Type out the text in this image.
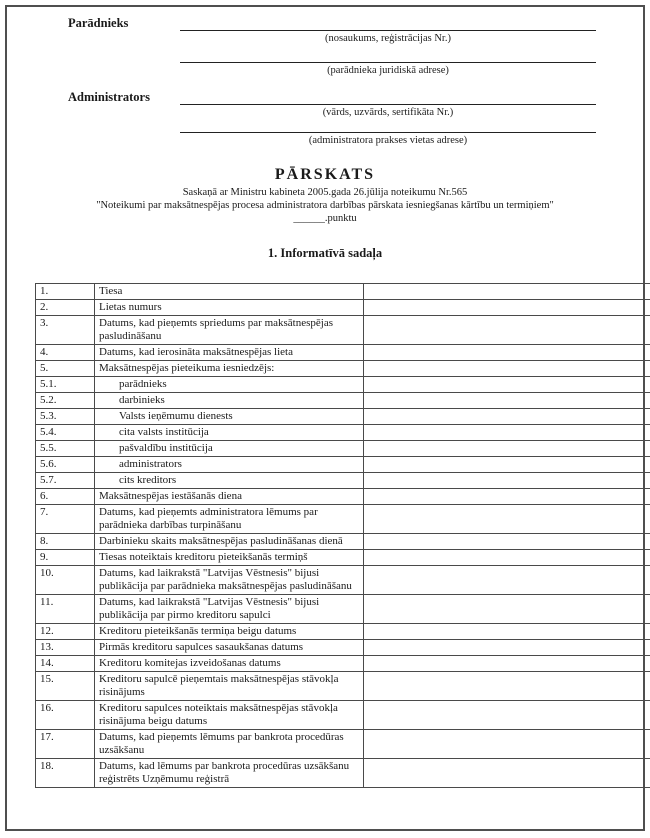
Parādnieks
(nosaukums, reģistrācijas Nr.)
(parādnieka juridiskā adrese)
Administrators
(vārds, uzvārds, sertifikāta Nr.)
(administratora prakses vietas adrese)
PĀRSKATS
Saskaņā ar Ministru kabineta 2005.gada 26.jūlija noteikumu Nr.565
"Noteikumi par maksātnespējas procesa administratora darbības pārskata iesniegšanas kārtību un termiņiem"
______.punktu
1. Informatīvā sadaļa
1.	Tiesa	
2.	Lietas numurs	
3.	Datums, kad pieņemts spriedums par maksātnespējas pasludināšanu	
4.	Datums, kad ierosināta maksātnespējas lieta	
5.	Maksātnespējas pieteikuma iesniedzējs:	
5.1.	parādnieks	
5.2.	darbinieks	
5.3.	Valsts ieņēmumu dienests	
5.4.	cita valsts institūcija	
5.5.	pašvaldību institūcija	
5.6.	administrators	
5.7.	cits kreditors	
6.	Maksātnespējas iestāšanās diena	
7.	Datums, kad pieņemts administratora lēmums par parādnieka darbības turpināšanu	
8.	Darbinieku skaits maksātnespējas pasludināšanas dienā	
9.	Tiesas noteiktais kreditoru pieteikšanās termiņš	
10.	Datums, kad laikrakstā "Latvijas Vēstnesis" bijusi publikācija par parādnieka maksātnespējas pasludināšanu	
11.	Datums, kad laikrakstā "Latvijas Vēstnesis" bijusi publikācija par pirmo kreditoru sapulci	
12.	Kreditoru pieteikšanās termiņa beigu datums	
13.	Pirmās kreditoru sapulces sasaukšanas datums	
14.	Kreditoru komitejas izveidošanas datums	
15.	Kreditoru sapulcē pieņemtais maksātnespējas stāvokļa risinājums	
16.	Kreditoru sapulces noteiktais maksātnespējas stāvokļa risinājuma beigu datums	
17.	Datums, kad pieņemts lēmums par bankrota procedūras uzsākšanu	
18.	Datums, kad lēmums par bankrota procedūras uzsākšanu reģistrēts Uzņēmumu reģistrā	
